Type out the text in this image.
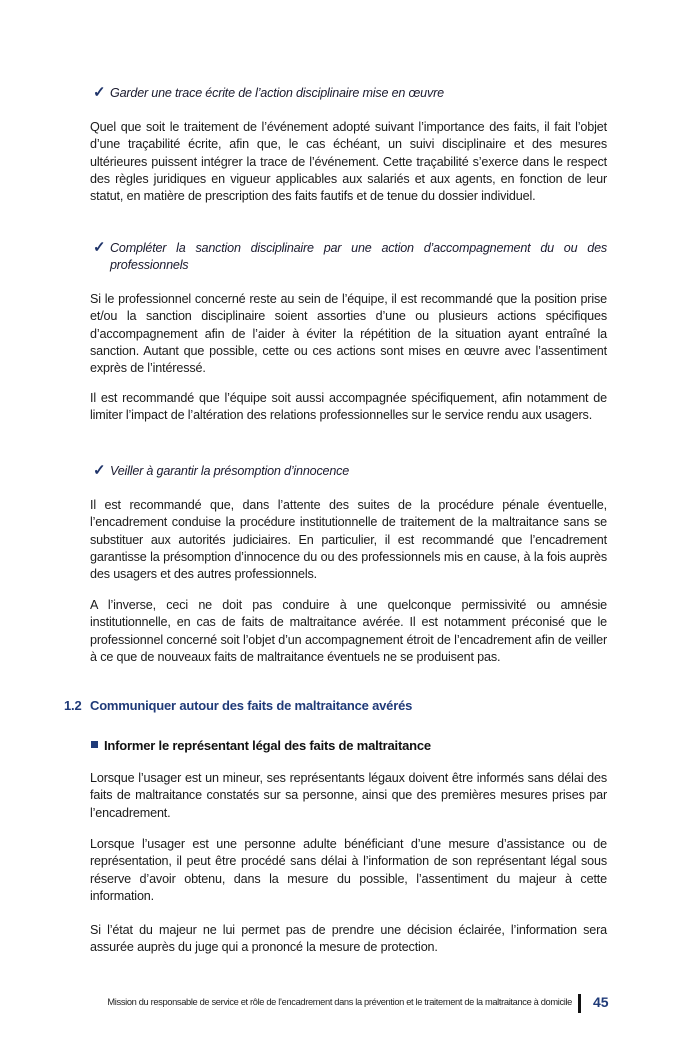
✓ Garder une trace écrite de l’action disciplinaire mise en œuvre

Quel que soit le traitement de l’événement adopté suivant l’importance des faits, il fait l’objet d’une traçabilité écrite, afin que, le cas échéant, un suivi disciplinaire et des mesures ultérieures puissent intégrer la trace de l’événement. Cette traçabilité s’exerce dans le respect des règles juridiques en vigueur applicables aux salariés et aux agents, en fonction de leur statut, en matière de prescription des faits fautifs et de tenue du dossier individuel.

✓ Compléter la sanction disciplinaire par une action d’accompagnement du ou des professionnels

Si le professionnel concerné reste au sein de l’équipe, il est recommandé que la position prise et/ou la sanction disciplinaire soient assorties d’une ou plusieurs actions spécifiques d’accompagnement afin de l’aider à éviter la répétition de la situation ayant entraîné la sanction. Autant que possible, cette ou ces actions sont mises en œuvre avec l’assentiment exprès de l’intéressé.

Il est recommandé que l’équipe soit aussi accompagnée spécifiquement, afin notamment de limiter l’impact de l’altération des relations professionnelles sur le service rendu aux usagers.

✓ Veiller à garantir la présomption d’innocence

Il est recommandé que, dans l’attente des suites de la procédure pénale éventuelle, l’encadrement conduise la procédure institutionnelle de traitement de la maltraitance sans se substituer aux autorités judiciaires. En particulier, il est recommandé que l’encadrement garantisse la présomption d’innocence du ou des professionnels mis en cause, à la fois auprès des usagers et des autres professionnels.

A l’inverse, ceci ne doit pas conduire à une quelconque permissivité ou amnésie institutionnelle, en cas de faits de maltraitance avérée. Il est notamment préconisé que le professionnel concerné soit l’objet d’un accompagnement étroit de l’encadrement afin de veiller à ce que de nouveaux faits de maltraitance éventuels ne se produisent pas.

1.2 Communiquer autour des faits de maltraitance avérés
Informer le représentant légal des faits de maltraitance

Lorsque l’usager est un mineur, ses représentants légaux doivent être informés sans délai des faits de maltraitance constatés sur sa personne, ainsi que des premières mesures prises par l’encadrement.

Lorsque l’usager est une personne adulte bénéficiant d’une mesure d’assistance ou de représentation, il peut être procédé sans délai à l’information de son représentant légal sous réserve d’avoir obtenu, dans la mesure du possible, l’assentiment du majeur à cette information.

Si l’état du majeur ne lui permet pas de prendre une décision éclairée, l’information sera assurée auprès du juge qui a prononcé la mesure de protection.

Mission du responsable de service et rôle de l’encadrement dans la prévention et le traitement de la maltraitance à domicile 45
